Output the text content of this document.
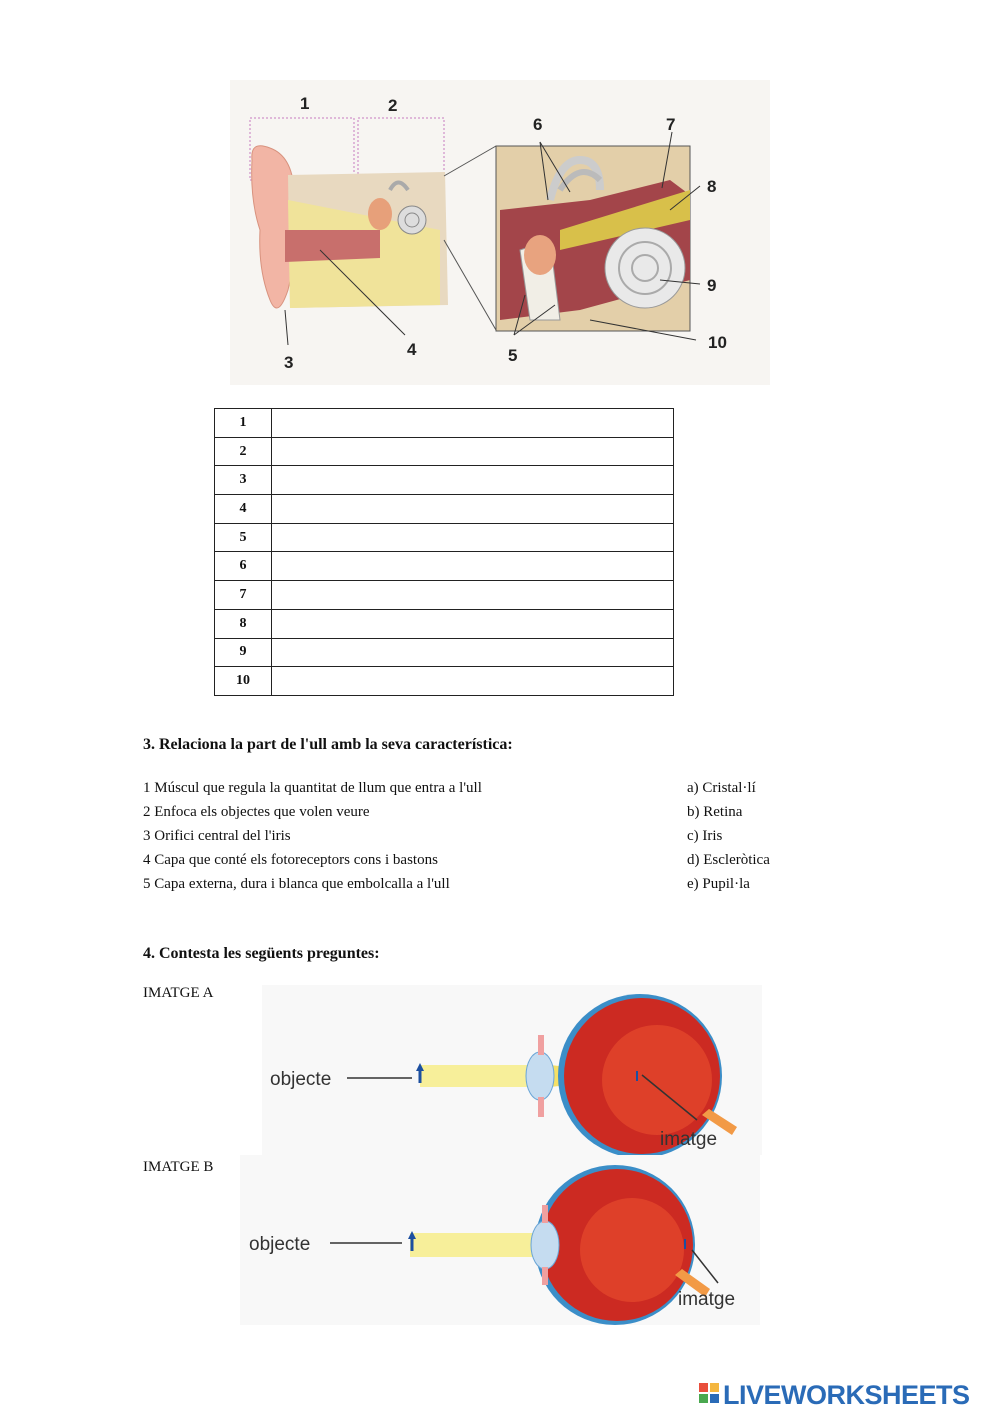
1	2
3
4	5
6	7
8
9
10
1	
2	
3	
4	
5	
6	
7	
8	
9	
10	
3. Relaciona la part de l'ull amb la seva característica:
1 Múscul que regula la quantitat de llum que entra a l'ull
2 Enfoca els objectes que volen veure
3 Orifici central del l'iris
4 Capa que conté els fotoreceptors cons i bastons
5 Capa externa, dura i blanca que embolcalla a l'ull
a) Cristal·lí
b) Retina
c) Iris
d) Escleròtica
e) Pupil·la
4. Contesta les següents preguntes:
IMATGE A
objecte
imatge
IMATGE B
objecte
imatge
LIVEWORKSHEETS
